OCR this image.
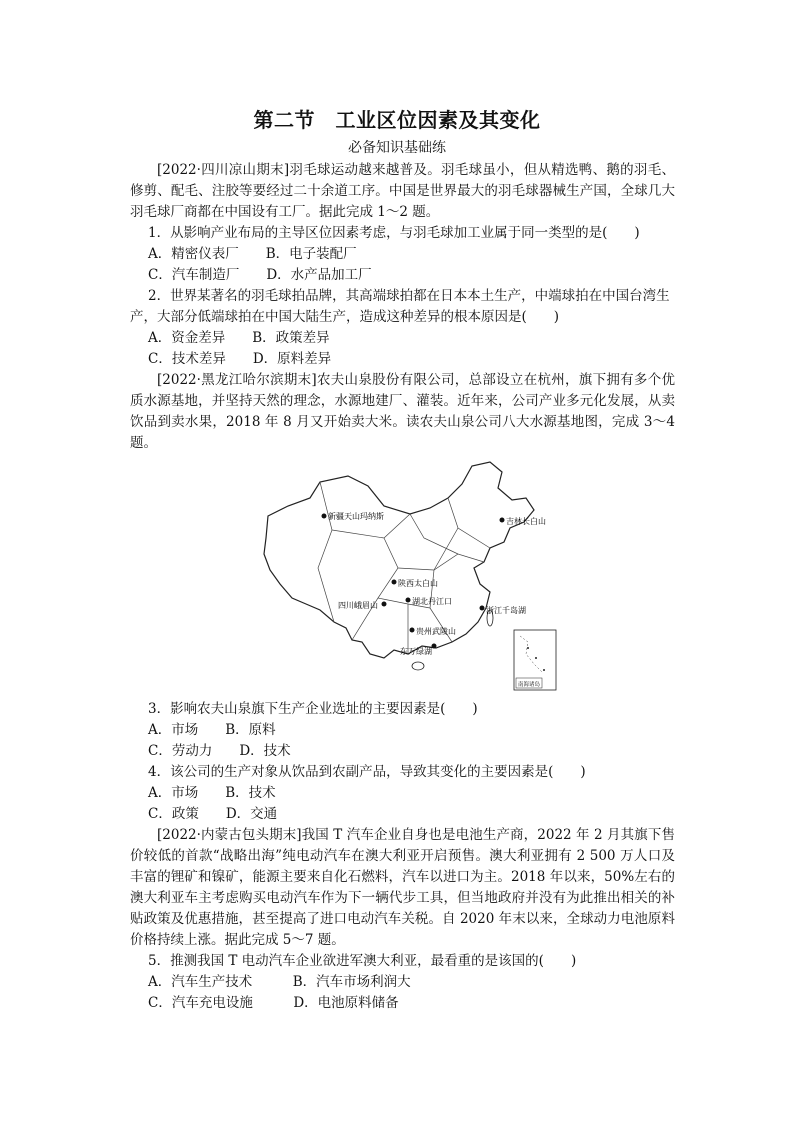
第二节　工业区位因素及其变化
必备知识基础练

[2022·四川凉山期末]羽毛球运动越来越普及。羽毛球虽小，但从精选鸭、鹅的羽毛、修剪、配毛、注胶等要经过二十余道工序。中国是世界最大的羽毛球器械生产国，全球几大羽毛球厂商都在中国设有工厂。据此完成 1～2 题。

1．从影响产业布局的主导区位因素考虑，与羽毛球加工业属于同一类型的是(　　)

A．精密仪表厂　　B．电子装配厂

C．汽车制造厂　　D．水产品加工厂

2．世界某著名的羽毛球拍品牌，其高端球拍都在日本本土生产，中端球拍在中国台湾生产，大部分低端球拍在中国大陆生产，造成这种差异的根本原因是(　　)

A．资金差异　　B．政策差异

C．技术差异　　D．原料差异

[2022·黑龙江哈尔滨期末]农夫山泉股份有限公司，总部设立在杭州，旗下拥有多个优质水源基地，并坚持天然的理念，水源地建厂、灌装。近年来，公司产业多元化发展，从卖饮品到卖水果，2018 年 8 月又开始卖大米。读农夫山泉公司八大水源基地图，完成 3～4 题。

新疆天山玛纳斯
吉林长白山
陕西太白山
湖北丹江口
四川峨眉山
浙江千岛湖
贵州武陵山
东万绿湖
南海诸岛

3．影响农夫山泉旗下生产企业选址的主要因素是(　　)

A．市场　　B．原料

C．劳动力　　D．技术

4．该公司的生产对象从饮品到农副产品，导致其变化的主要因素是(　　)

A．市场　　B．技术

C．政策　　D．交通

[2022·内蒙古包头期末]我国 T 汽车企业自身也是电池生产商，2022 年 2 月其旗下售价较低的首款“战略出海”纯电动汽车在澳大利亚开启预售。澳大利亚拥有 2 500 万人口及丰富的锂矿和镍矿，能源主要来自化石燃料，汽车以进口为主。2018 年以来，50%左右的澳大利亚车主考虑购买电动汽车作为下一辆代步工具，但当地政府并没有为此推出相关的补贴政策及优惠措施，甚至提高了进口电动汽车关税。自 2020 年末以来，全球动力电池原料价格持续上涨。据此完成 5～7 题。

5．推测我国 T 电动汽车企业欲进军澳大利亚，最看重的是该国的(　　)

A．汽车生产技术　　　B．汽车市场利润大

C．汽车充电设施　　　D．电池原料储备
